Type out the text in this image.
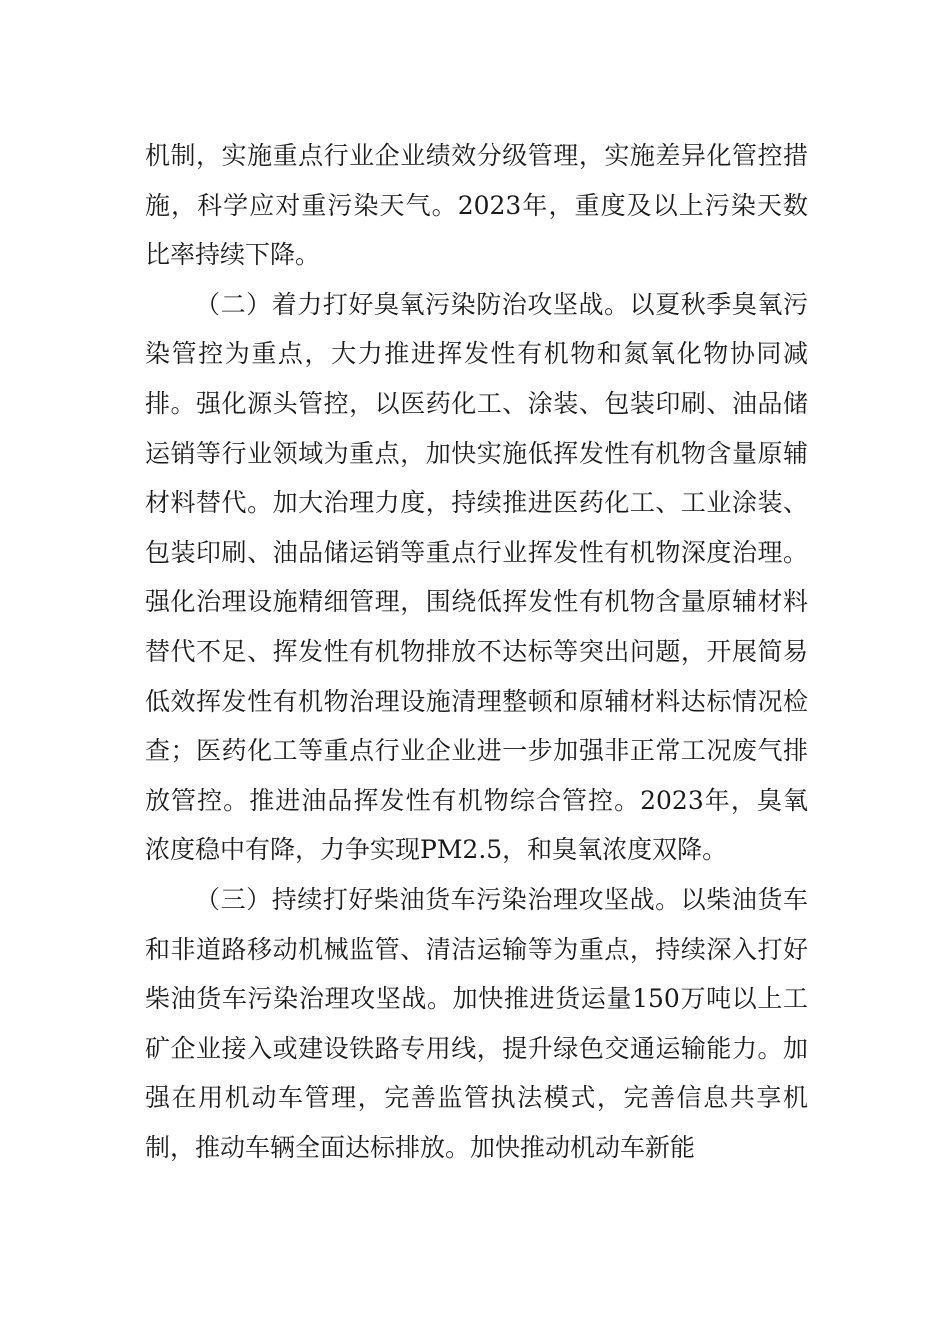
机制，实施重点行业企业绩效分级管理，实施差异化管控措施，科学应对重污染天气。2023年，重度及以上污染天数比率持续下降。

（二）着力打好臭氧污染防治攻坚战。以夏秋季臭氧污染管控为重点，大力推进挥发性有机物和氮氧化物协同减排。强化源头管控，以医药化工、涂装、包装印刷、油品储运销等行业领域为重点，加快实施低挥发性有机物含量原辅材料替代。加大治理力度，持续推进医药化工、工业涂装、包装印刷、油品储运销等重点行业挥发性有机物深度治理。强化治理设施精细管理，围绕低挥发性有机物含量原辅材料替代不足、挥发性有机物排放不达标等突出问题，开展简易低效挥发性有机物治理设施清理整顿和原辅材料达标情况检查；医药化工等重点行业企业进一步加强非正常工况废气排放管控。推进油品挥发性有机物综合管控。2023年，臭氧浓度稳中有降，力争实现PM2.5，和臭氧浓度双降。

（三）持续打好柴油货车污染治理攻坚战。以柴油货车和非道路移动机械监管、清洁运输等为重点，持续深入打好柴油货车污染治理攻坚战。加快推进货运量150万吨以上工矿企业接入或建设铁路专用线，提升绿色交通运输能力。加强在用机动车管理，完善监管执法模式，完善信息共享机制，推动车辆全面达标排放。加快推动机动车新能
